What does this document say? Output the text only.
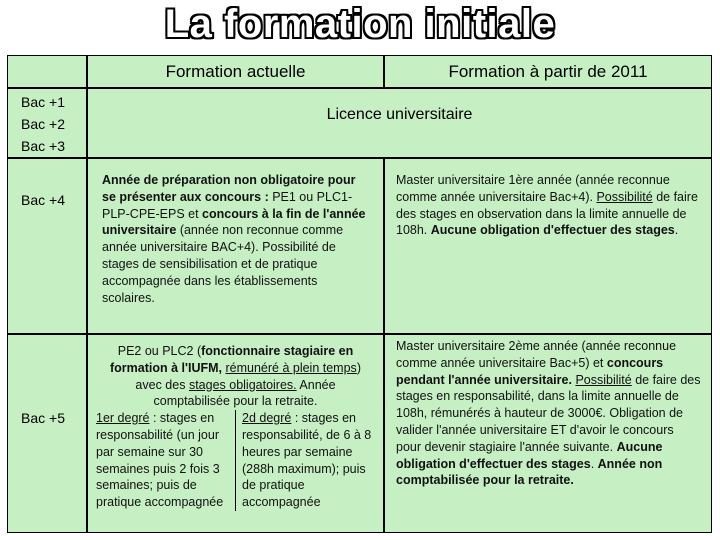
La formation initiale
Formation actuelle	Formation à partir de 2011
Bac +1
Bac +2
Bac +3
Licence universitaire
Bac +4
Année de préparation non obligatoire pour se présenter aux concours : PE1 ou PLC1-PLP-CPE-EPS et concours à la fin de l'année universitaire (année non reconnue comme année universitaire BAC+4). Possibilité de stages de sensibilisation et de pratique accompagnée dans les établissements scolaires.
Master universitaire 1ère année (année reconnue comme année universitaire Bac+4). Possibilité de faire des stages en observation dans la limite annuelle de 108h. Aucune obligation d'effectuer des stages.
Bac +5
PE2 ou PLC2 (fonctionnaire stagiaire en formation à l'IUFM, rémunéré à plein temps) avec des stages obligatoires. Année comptabilisée pour la retraite.
1er degré : stages en responsabilité (un jour par semaine sur 30 semaines puis 2 fois 3 semaines; puis de pratique accompagnée
2d degré : stages en responsabilité, de 6 à 8 heures par semaine (288h maximum); puis de pratique accompagnée
Master universitaire 2ème année (année reconnue comme année universitaire Bac+5) et concours pendant l'année universitaire. Possibilité de faire des stages en responsabilité, dans la limite annuelle de 108h, rémunérés à hauteur de 3000€. Obligation de valider l'année universitaire ET d'avoir le concours pour devenir stagiaire l'année suivante. Aucune obligation d'effectuer des stages. Année non comptabilisée pour la retraite.
